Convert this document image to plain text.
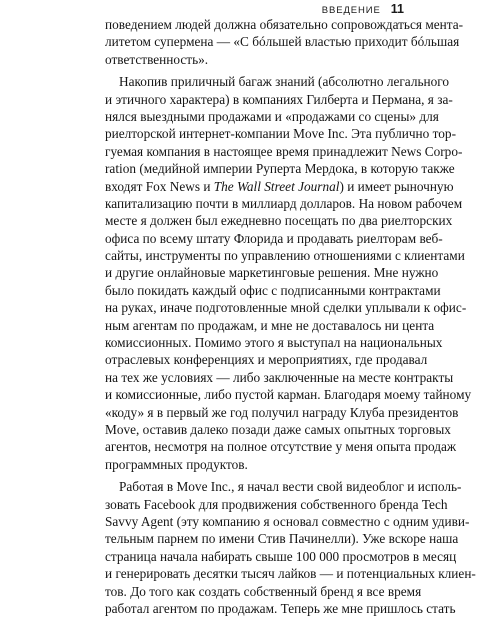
ВВЕДЕНИЕ 11
поведением людей должна обязательно сопровождаться мента-
литетом супермена — «С бóльшей властью приходит бóльшая
ответственность».
Накопив приличный багаж знаний (абсолютно легального
и этичного характера) в компаниях Гилберта и Пермана, я за-
нялся выездными продажами и «продажами со сцены» для
риелторской интернет-компании Move Inc. Эта публично тор-
гуемая компания в настоящее время принадлежит News Corpo-
ration (медийной империи Руперта Мердока, в которую также
входят Fox News и The Wall Street Journal) и имеет рыночную
капитализацию почти в миллиард долларов. На новом рабочем
месте я должен был ежедневно посещать по два риелторских
офиса по всему штату Флорида и продавать риелторам веб-
сайты, инструменты по управлению отношениями с клиентами
и другие онлайновые маркетинговые решения. Мне нужно
было покидать каждый офис с подписанными контрактами
на руках, иначе подготовленные мной сделки уплывали к офис-
ным агентам по продажам, и мне не доставалось ни цента
комиссионных. Помимо этого я выступал на национальных
отраслевых конференциях и мероприятиях, где продавал
на тех же условиях — либо заключенные на месте контракты
и комиссионные, либо пустой карман. Благодаря моему тайному
«коду» я в первый же год получил награду Клуба президентов
Move, оставив далеко позади даже самых опытных торговых
агентов, несмотря на полное отсутствие у меня опыта продаж
программных продуктов.
Работая в Move Inc., я начал вести свой видеоблог и исполь-
зовать Facebook для продвижения собственного бренда Tech
Savvy Agent (эту компанию я основал совместно с одним удиви-
тельным парнем по имени Стив Пачинелли). Уже вскоре наша
страница начала набирать свыше 100 000 просмотров в месяц
и генерировать десятки тысяч лайков — и потенциальных клиен-
тов. До того как создать собственный бренд я все время
работал агентом по продажам. Теперь же мне пришлось стать
